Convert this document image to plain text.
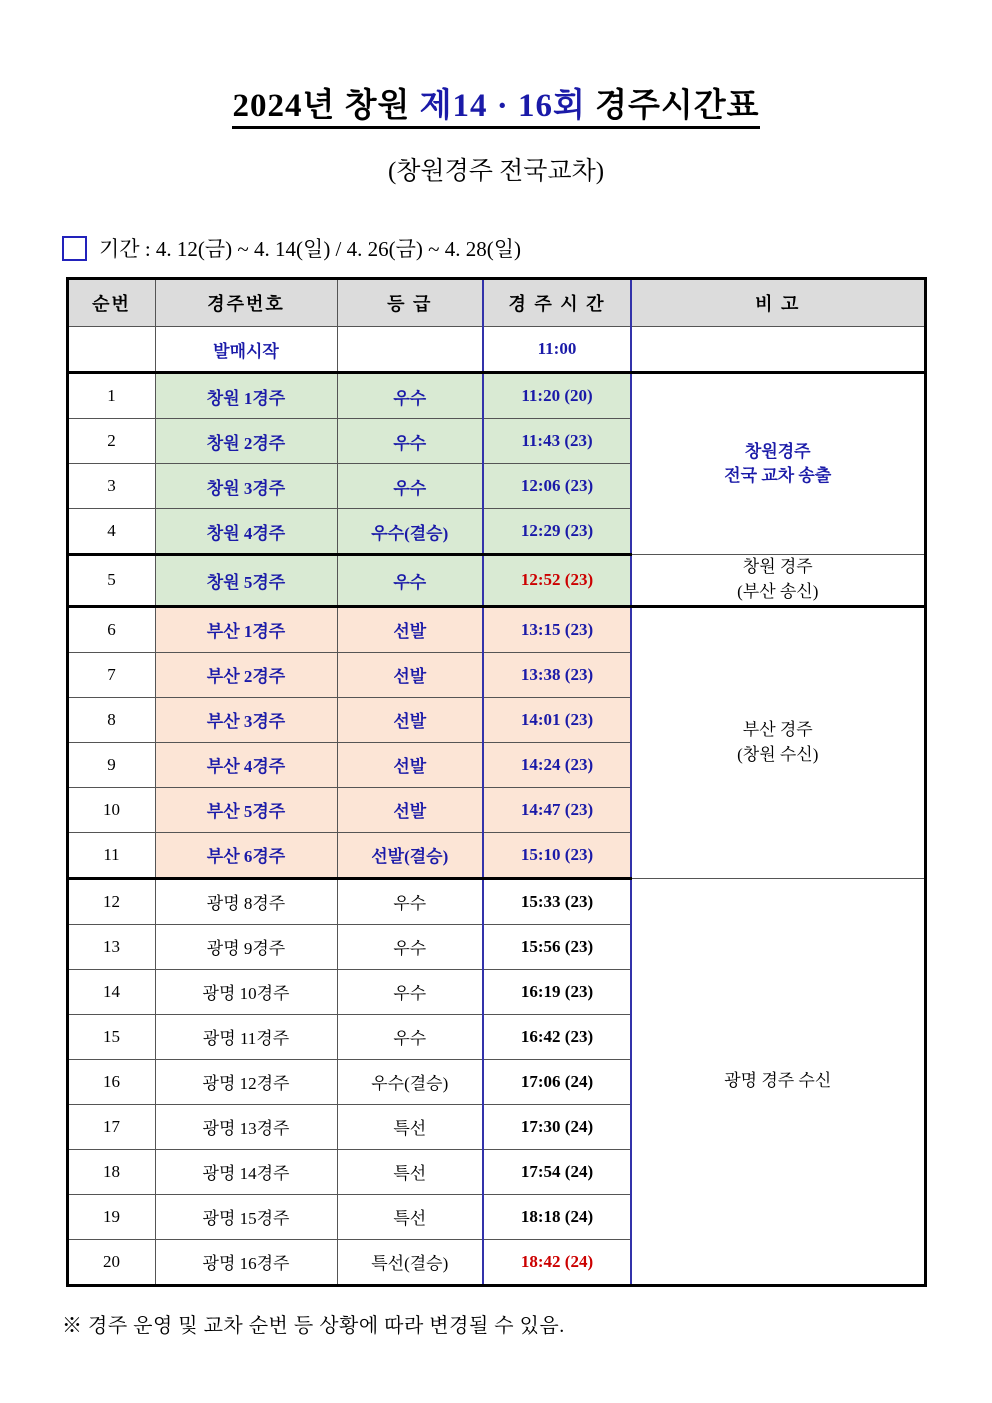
2024년 창원 제14 · 16회 경주시간표
(창원경주 전국교차)
기간 : 4. 12(금) ~ 4. 14(일) / 4. 26(금) ~ 4. 28(일)
순번	경주번호	등 급	경 주 시 간	비 고
	발매시작		11:00	
1	창원 1경주	우수	11:20 (20)	창원경주
전국 교차 송출
2	창원 2경주	우수	11:43 (23)	
3	창원 3경주	우수	12:06 (23)	
4	창원 4경주	우수(결승)	12:29 (23)	
5	창원 5경주	우수	12:52 (23)	창원 경주
(부산 송신)
6	부산 1경주	선발	13:15 (23)	부산 경주
(창원 수신)
7	부산 2경주	선발	13:38 (23)	
8	부산 3경주	선발	14:01 (23)	
9	부산 4경주	선발	14:24 (23)	
10	부산 5경주	선발	14:47 (23)	
11	부산 6경주	선발(결승)	15:10 (23)	
12	광명 8경주	우수	15:33 (23)	광명 경주 수신
13	광명 9경주	우수	15:56 (23)	
14	광명 10경주	우수	16:19 (23)	
15	광명 11경주	우수	16:42 (23)	
16	광명 12경주	우수(결승)	17:06 (24)	
17	광명 13경주	특선	17:30 (24)	
18	광명 14경주	특선	17:54 (24)	
19	광명 15경주	특선	18:18 (24)	
20	광명 16경주	특선(결승)	18:42 (24)	
※ 경주 운영 및 교차 순번 등 상황에 따라 변경될 수 있음.
